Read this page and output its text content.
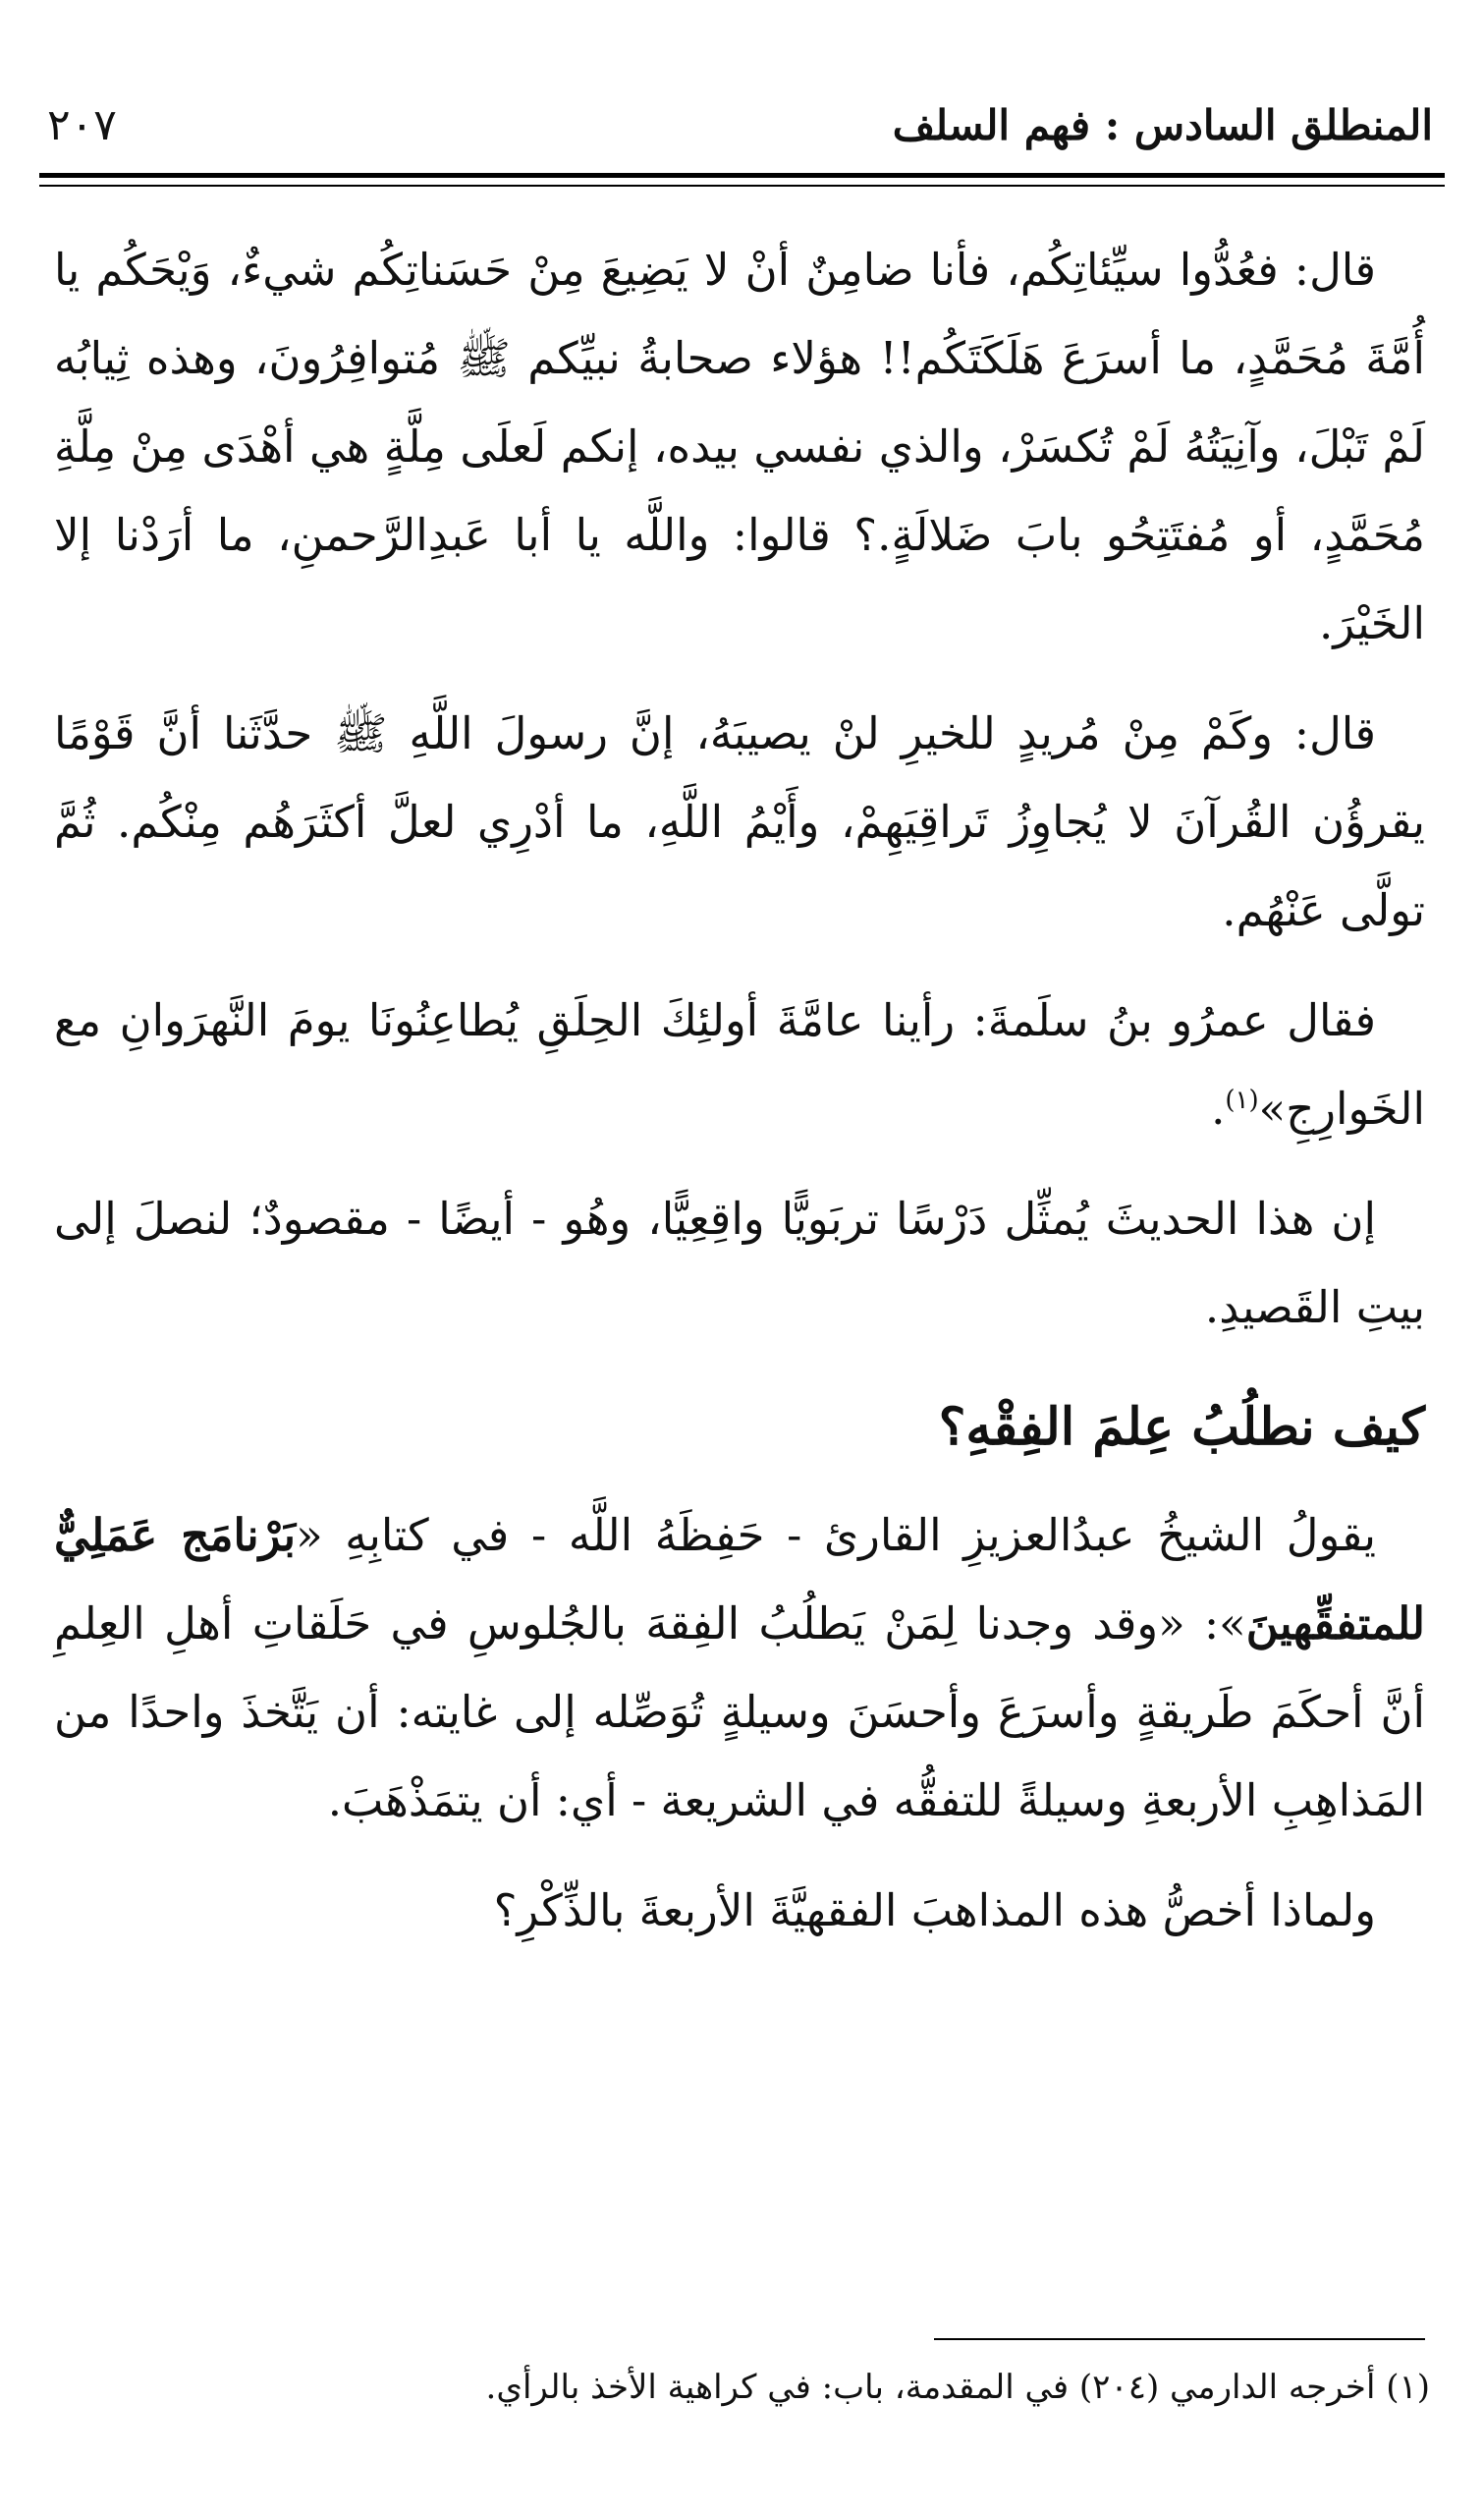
المنطلق السادس : فهم السلف
٢٠٧

قال: فعُدُّوا سيِّئاتِكُم، فأنا ضامِنٌ أنْ لا يَضِيعَ مِنْ حَسَناتِكُم شيءٌ، وَيْحَكُم يا أُمَّةَ مُحَمَّدٍ، ما أسرَعَ هَلَكَتَكُم!! هؤلاء صحابةُ نبيِّكم ﷺ مُتوافِرُونَ، وهذه ثِيابُه لَمْ تَبْلَ، وآنِيَتُهُ لَمْ تُكسَرْ، والذي نفسي بيده، إنكم لَعلَى مِلَّةٍ هي أهْدَى مِنْ مِلَّةِ مُحَمَّدٍ، أو مُفتَتِحُو بابَ ضَلالَةٍ.؟ قالوا: واللَّه يا أبا عَبدِالرَّحمنِ، ما أرَدْنا إلا الخَيْرَ.

قال: وكَمْ مِنْ مُريدٍ للخيرِ لنْ يصيبَهُ، إنَّ رسولَ اللَّهِ ﷺ حدَّثَنا أنَّ قَوْمًا يقرؤُن القُرآنَ لا يُجاوِزُ تَراقِيَهِمْ، وأَيْمُ اللَّهِ، ما أدْرِي لعلَّ أكثَرَهُم مِنْكُم. ثُمَّ تولَّى عَنْهُم.

فقال عمرُو بنُ سلَمةَ: رأينا عامَّةَ أولئِكَ الحِلَقِ يُطاعِنُونَا يومَ النَّهرَوانِ مع الخَوارِجِ»$^{(١)}$.

إن هذا الحديثَ يُمثِّل دَرْسًا تربَويًّا واقِعِيًّا، وهُو - أيضًا - مقصودٌ؛ لنصلَ إلى بيتِ القَصيدِ.

كيف نطلُبُ عِلمَ الفِقْهِ؟

يقولُ الشيخُ عبدُالعزيزِ القارئ - حَفِظَهُ اللَّه - في كتابِهِ «بَرْنامَج عَمَلِيٌّ للمتفقِّهينَ»: «وقد وجدنا لِمَنْ يَطلُبُ الفِقهَ بالجُلوسِ في حَلَقاتِ أهلِ العِلمِ أنَّ أحكَمَ طَريقةٍ وأسرَعَ وأحسَنَ وسيلةٍ تُوَصِّله إلى غايته: أن يَتَّخذَ واحدًا من المَذاهِبِ الأربعةِ وسيلةً للتفقُّه في الشريعة - أي: أن يتمَذْهَبَ.

ولماذا أخصُّ هذه المذاهبَ الفقهيَّةَ الأربعةَ بالذِّكْرِ؟

(١) أخرجه الدارمي (٢٠٤) في المقدمة، باب: في كراهية الأخذ بالرأي.
